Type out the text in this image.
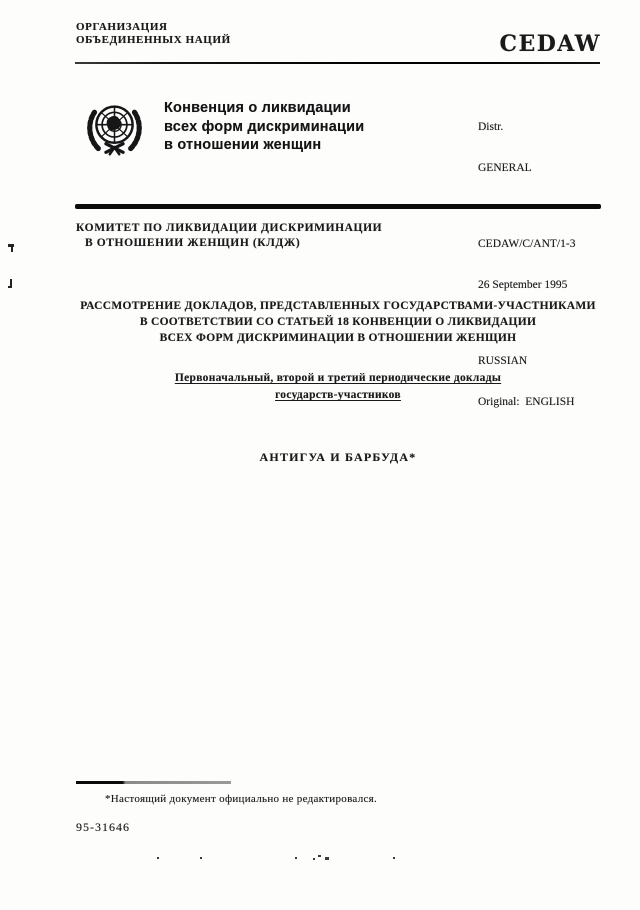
ОРГАНИЗАЦИЯ
ОБЪЕДИНЕННЫХ НАЦИЙ	CEDAW
Конвенция о ликвидации
всех форм дискриминации
в отношении женщин

Distr.

GENERAL

CEDAW/C/ANT/1-3

26 September 1995

RUSSIAN

Original:  ENGLISH

КОМИТЕТ ПО ЛИКВИДАЦИИ ДИСКРИМИНАЦИИ
В ОТНОШЕНИИ ЖЕНЩИН (КЛДЖ)
РАССМОТРЕНИЕ ДОКЛАДОВ, ПРЕДСТАВЛЕННЫХ ГОСУДАРСТВАМИ-УЧАСТНИКАМИ
В СООТВЕТСТВИИ СО СТАТЬЕЙ 18 КОНВЕНЦИИ О ЛИКВИДАЦИИ
ВСЕХ ФОРМ ДИСКРИМИНАЦИИ В ОТНОШЕНИИ ЖЕНЩИН
Первоначальный, второй и третий периодические доклады
государств-участников
АНТИГУА И БАРБУДА*
*Настоящий документ официально не редактировался.
95-31646
